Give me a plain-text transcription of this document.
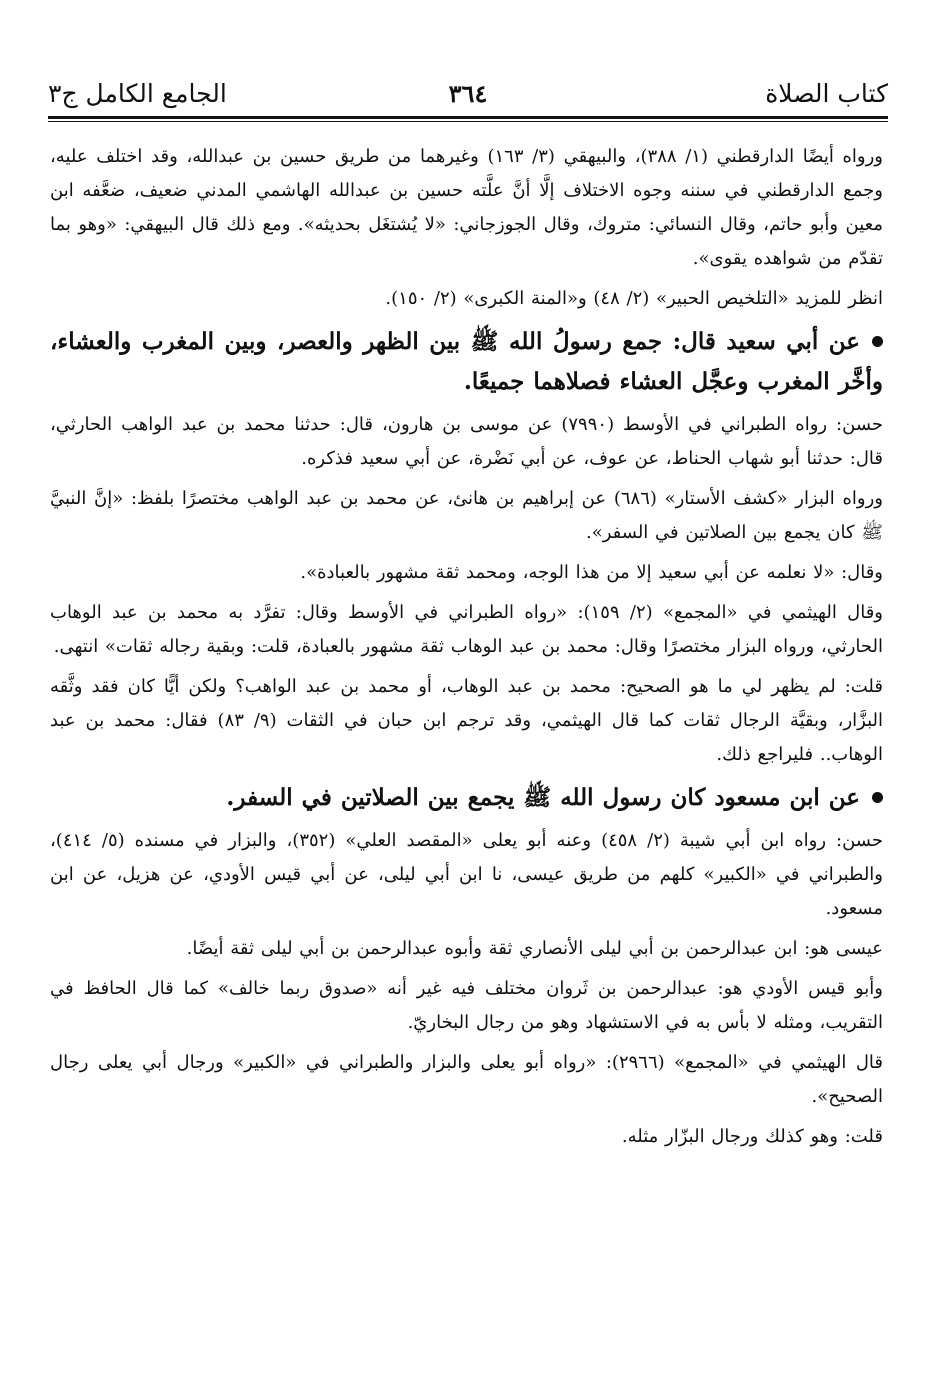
كتاب الصلاة
٣٦٤
الجامع الكامل ج٣

ورواه أيضًا الدارقطني (١/ ٣٨٨)، والبيهقي (٣/ ١٦٣) وغيرهما من طريق حسين بن عبدالله، وقد اختلف عليه، وجمع الدارقطني في سننه وجوه الاختلاف إلَّا أنَّ علَّته حسين بن عبدالله الهاشمي المدني ضعيف، ضعَّفه ابن معين وأبو حاتم، وقال النسائي: متروك، وقال الجوزجاني: «لا يُشتغَل بحديثه». ومع ذلك قال البيهقي: «وهو بما تقدّم من شواهده يقوى».

انظر للمزيد «التلخيص الحبير» (٢/ ٤٨) و«المنة الكبرى» (٢/ ١٥٠).

عن أبي سعيد قال: جمع رسولُ الله ﷺ بين الظهر والعصر، وبين المغرب والعشاء، وأخَّر المغرب وعجَّل العشاء فصلاهما جميعًا.

حسن: رواه الطبراني في الأوسط (٧٩٩٠) عن موسى بن هارون، قال: حدثنا محمد بن عبد الواهب الحارثي، قال: حدثنا أبو شهاب الحناط، عن عوف، عن أبي نَضْرة، عن أبي سعيد فذكره.

ورواه البزار «كشف الأستار» (٦٨٦) عن إبراهيم بن هانئ، عن محمد بن عبد الواهب مختصرًا بلفظ: «إنَّ النبيَّ ﷺ كان يجمع بين الصلاتين في السفر».

وقال: «لا نعلمه عن أبي سعيد إلا من هذا الوجه، ومحمد ثقة مشهور بالعبادة».

وقال الهيثمي في «المجمع» (٢/ ١٥٩): «رواه الطبراني في الأوسط وقال: تفرَّد به محمد بن عبد الوهاب الحارثي، ورواه البزار مختصرًا وقال: محمد بن عبد الوهاب ثقة مشهور بالعبادة، قلت: وبقية رجاله ثقات» انتهى.

قلت: لم يظهر لي ما هو الصحيح: محمد بن عبد الوهاب، أو محمد بن عبد الواهب؟ ولكن أيًّا كان فقد وثَّقه البزَّار، وبقيَّة الرجال ثقات كما قال الهيثمي، وقد ترجم ابن حبان في الثقات (٩/ ٨٣) فقال: محمد بن عبد الوهاب.. فليراجع ذلك.

عن ابن مسعود كان رسول الله ﷺ يجمع بين الصلاتين في السفر.

حسن: رواه ابن أبي شيبة (٢/ ٤٥٨) وعنه أبو يعلى «المقصد العلي» (٣٥٢)، والبزار في مسنده (٥/ ٤١٤)، والطبراني في «الكبير» كلهم من طريق عيسى، نا ابن أبي ليلى، عن أبي قيس الأودي، عن هزيل، عن ابن مسعود.

عيسى هو: ابن عبدالرحمن بن أبي ليلى الأنصاري ثقة وأبوه عبدالرحمن بن أبي ليلى ثقة أيضًا.

وأبو قيس الأودي هو: عبدالرحمن بن ثَروان مختلف فيه غير أنه «صدوق ربما خالف» كما قال الحافظ في التقريب، ومثله لا بأس به في الاستشهاد وهو من رجال البخاريّ.

قال الهيثمي في «المجمع» (٢٩٦٦): «رواه أبو يعلى والبزار والطبراني في «الكبير» ورجال أبي يعلى رجال الصحيح».

قلت: وهو كذلك ورجال البزّار مثله.
